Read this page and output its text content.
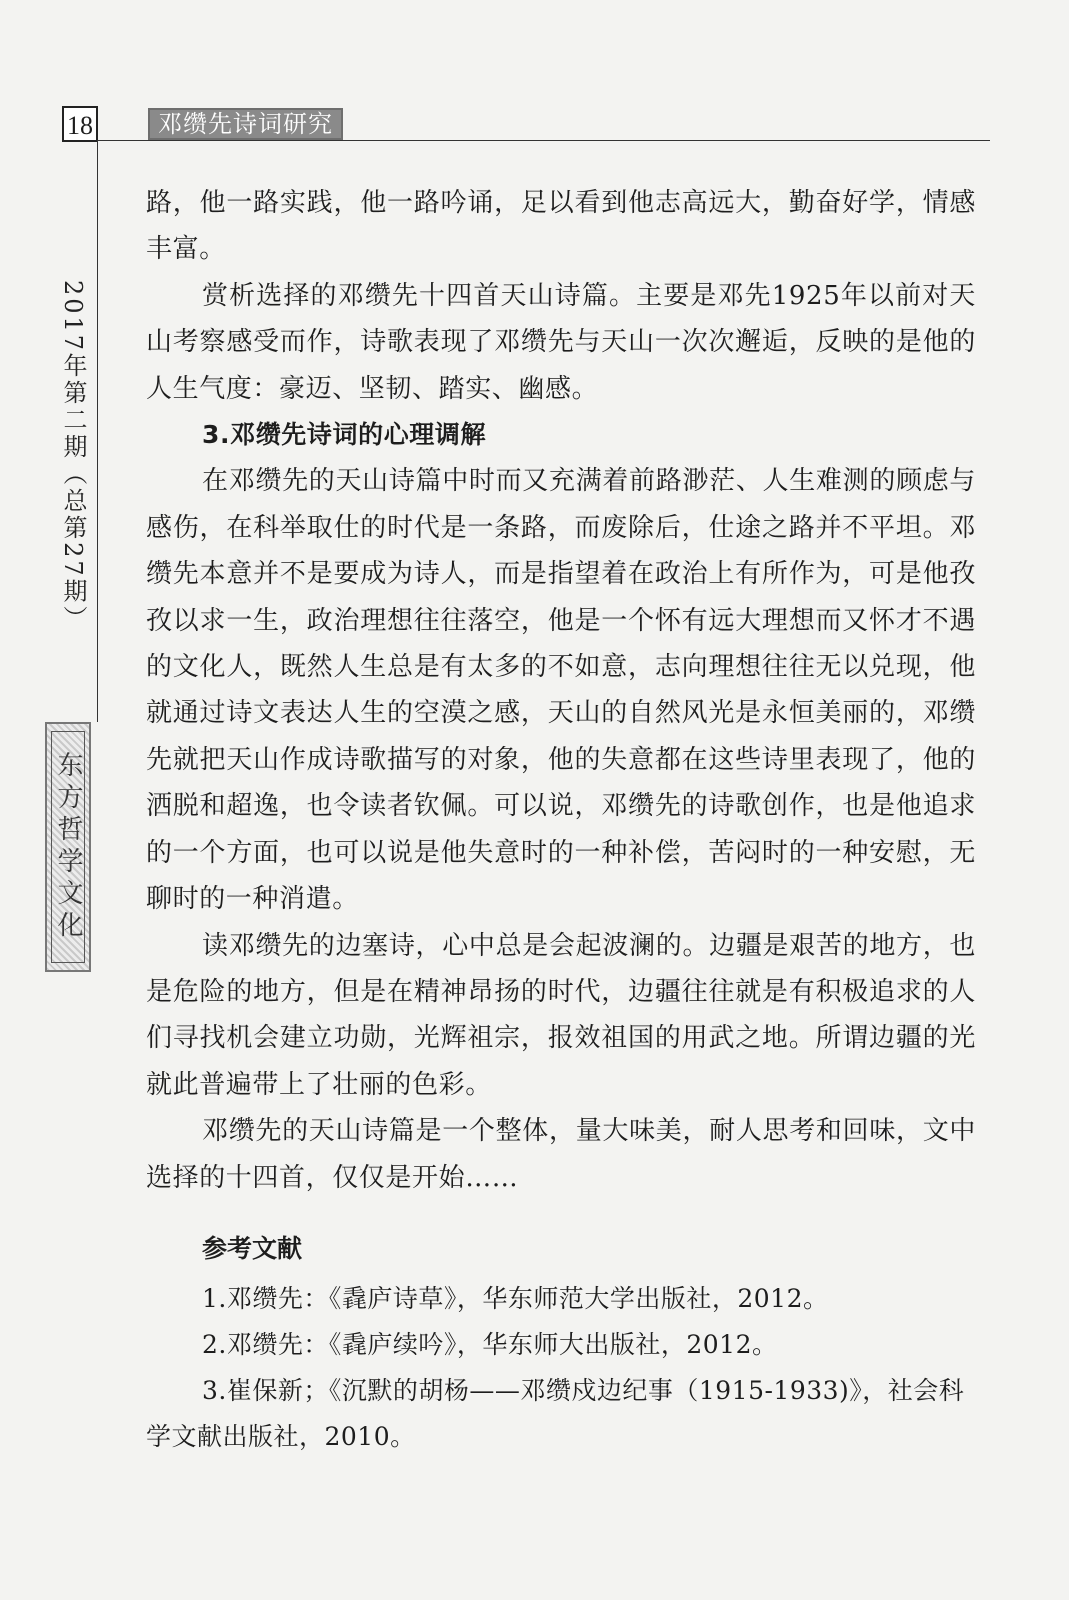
18	邓缵先诗词研究
2017年第二期（总第27期）
东方哲学文化

路，他一路实践，他一路吟诵，足以看到他志高远大，勤奋好学，情感丰富。

赏析选择的邓缵先十四首天山诗篇。主要是邓先1925年以前对天山考察感受而作，诗歌表现了邓缵先与天山一次次邂逅，反映的是他的人生气度：豪迈、坚韧、踏实、幽感。

3.邓缵先诗词的心理调解

在邓缵先的天山诗篇中时而又充满着前路渺茫、人生难测的顾虑与感伤，在科举取仕的时代是一条路，而废除后，仕途之路并不平坦。邓缵先本意并不是要成为诗人，而是指望着在政治上有所作为，可是他孜孜以求一生，政治理想往往落空，他是一个怀有远大理想而又怀才不遇的文化人，既然人生总是有太多的不如意，志向理想往往无以兑现，他就通过诗文表达人生的空漠之感，天山的自然风光是永恒美丽的，邓缵先就把天山作成诗歌描写的对象，他的失意都在这些诗里表现了，他的洒脱和超逸，也令读者钦佩。可以说，邓缵先的诗歌创作，也是他追求的一个方面，也可以说是他失意时的一种补偿，苦闷时的一种安慰，无聊时的一种消遣。

读邓缵先的边塞诗，心中总是会起波澜的。边疆是艰苦的地方，也是危险的地方，但是在精神昂扬的时代，边疆往往就是有积极追求的人们寻找机会建立功勋，光辉祖宗，报效祖国的用武之地。所谓边疆的光就此普遍带上了壮丽的色彩。

邓缵先的天山诗篇是一个整体，量大味美，耐人思考和回味，文中选择的十四首，仅仅是开始……

参考文献

1.邓缵先：《毳庐诗草》，华东师范大学出版社，2012。

2.邓缵先：《毳庐续吟》，华东师大出版社，2012。

3.崔保新；《沉默的胡杨——邓缵戍边纪事（1915-1933)》，社会科学文献出版社，2010。
